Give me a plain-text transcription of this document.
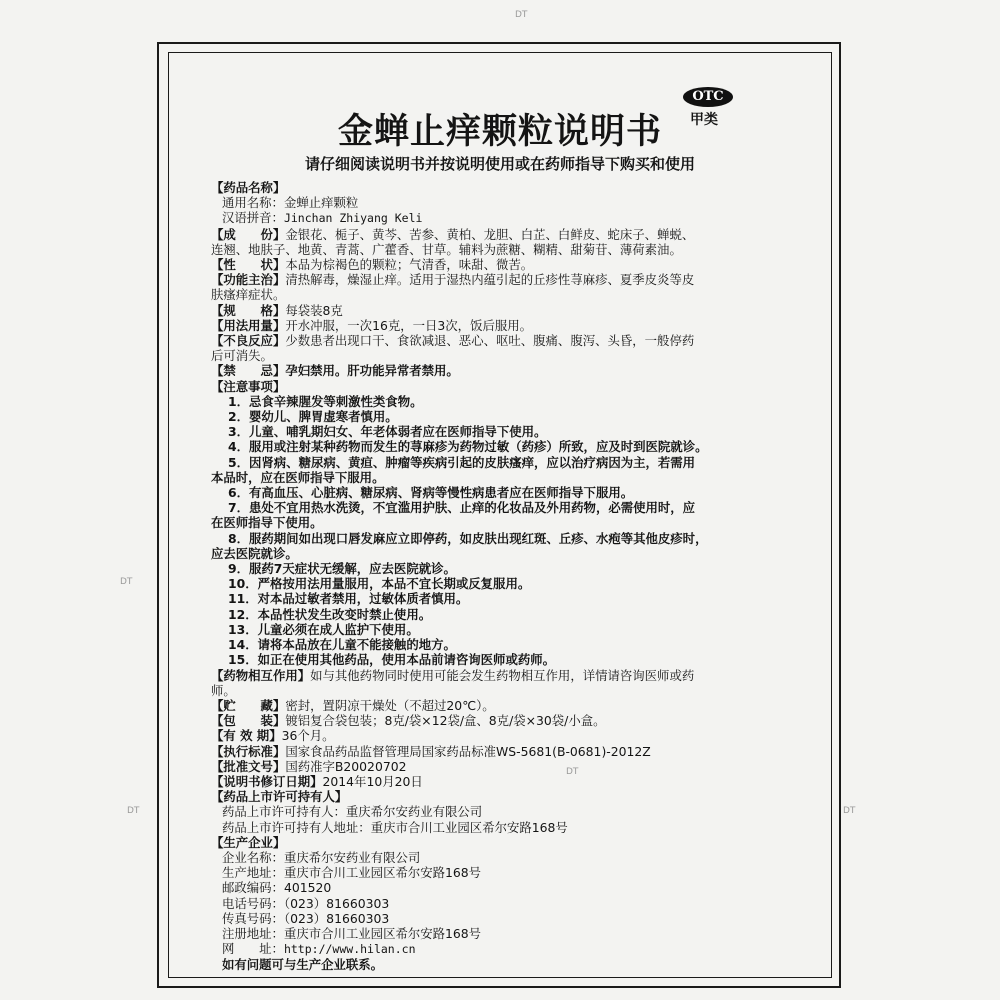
DT
DT
DT
DT	DT
OTC
甲类
金蝉止痒颗粒说明书
请仔细阅读说明书并按说明使用或在药师指导下购买和使用
【药品名称】
通用名称：金蝉止痒颗粒
汉语拼音：Jinchan Zhiyang Keli
【成　　份】金银花、栀子、黄芩、苦参、黄柏、龙胆、白芷、白鲜皮、蛇床子、蝉蜕、
连翘、地肤子、地黄、青蒿、广藿香、甘草。辅料为蔗糖、糊精、甜菊苷、薄荷素油。
【性　　状】本品为棕褐色的颗粒；气清香，味甜、微苦。
【功能主治】清热解毒，燥湿止痒。适用于湿热内蕴引起的丘疹性荨麻疹、夏季皮炎等皮
肤瘙痒症状。
【规　　格】每袋装8克
【用法用量】开水冲服，一次16克，一日3次，饭后服用。
【不良反应】少数患者出现口干、食欲减退、恶心、呕吐、腹痛、腹泻、头昏，一般停药
后可消失。
【禁　　忌】孕妇禁用。肝功能异常者禁用。
【注意事项】
1．忌食辛辣腥发等刺激性类食物。
2．婴幼儿、脾胃虚寒者慎用。
3．儿童、哺乳期妇女、年老体弱者应在医师指导下使用。
4．服用或注射某种药物而发生的荨麻疹为药物过敏（药疹）所致，应及时到医院就诊。
5．因肾病、糖尿病、黄疸、肿瘤等疾病引起的皮肤瘙痒，应以治疗病因为主，若需用
本品时，应在医师指导下服用。
6．有高血压、心脏病、糖尿病、肾病等慢性病患者应在医师指导下服用。
7．患处不宜用热水洗烫，不宜滥用护肤、止痒的化妆品及外用药物，必需使用时，应
在医师指导下使用。
8．服药期间如出现口唇发麻应立即停药，如皮肤出现红斑、丘疹、水疱等其他皮疹时，
应去医院就诊。
9．服药7天症状无缓解，应去医院就诊。
10．严格按用法用量服用，本品不宜长期或反复服用。
11．对本品过敏者禁用，过敏体质者慎用。
12．本品性状发生改变时禁止使用。
13．儿童必须在成人监护下使用。
14．请将本品放在儿童不能接触的地方。
15．如正在使用其他药品，使用本品前请咨询医师或药师。
【药物相互作用】如与其他药物同时使用可能会发生药物相互作用，详情请咨询医师或药
师。
【贮　　藏】密封，置阴凉干燥处（不超过20℃）。
【包　　装】镀铝复合袋包装；8克/袋×12袋/盒、8克/袋×30袋/小盒。
【有 效 期】36个月。
【执行标准】国家食品药品监督管理局国家药品标准WS-5681(B-0681)-2012Z
【批准文号】国药准字B20020702
【说明书修订日期】2014年10月20日
【药品上市许可持有人】
药品上市许可持有人：重庆希尔安药业有限公司
药品上市许可持有人地址：重庆市合川工业园区希尔安路168号
【生产企业】
企业名称：重庆希尔安药业有限公司
生产地址：重庆市合川工业园区希尔安路168号
邮政编码：401520
电话号码：（023）81660303
传真号码：（023）81660303
注册地址：重庆市合川工业园区希尔安路168号
网　　址：http://www.hilan.cn
如有问题可与生产企业联系。
